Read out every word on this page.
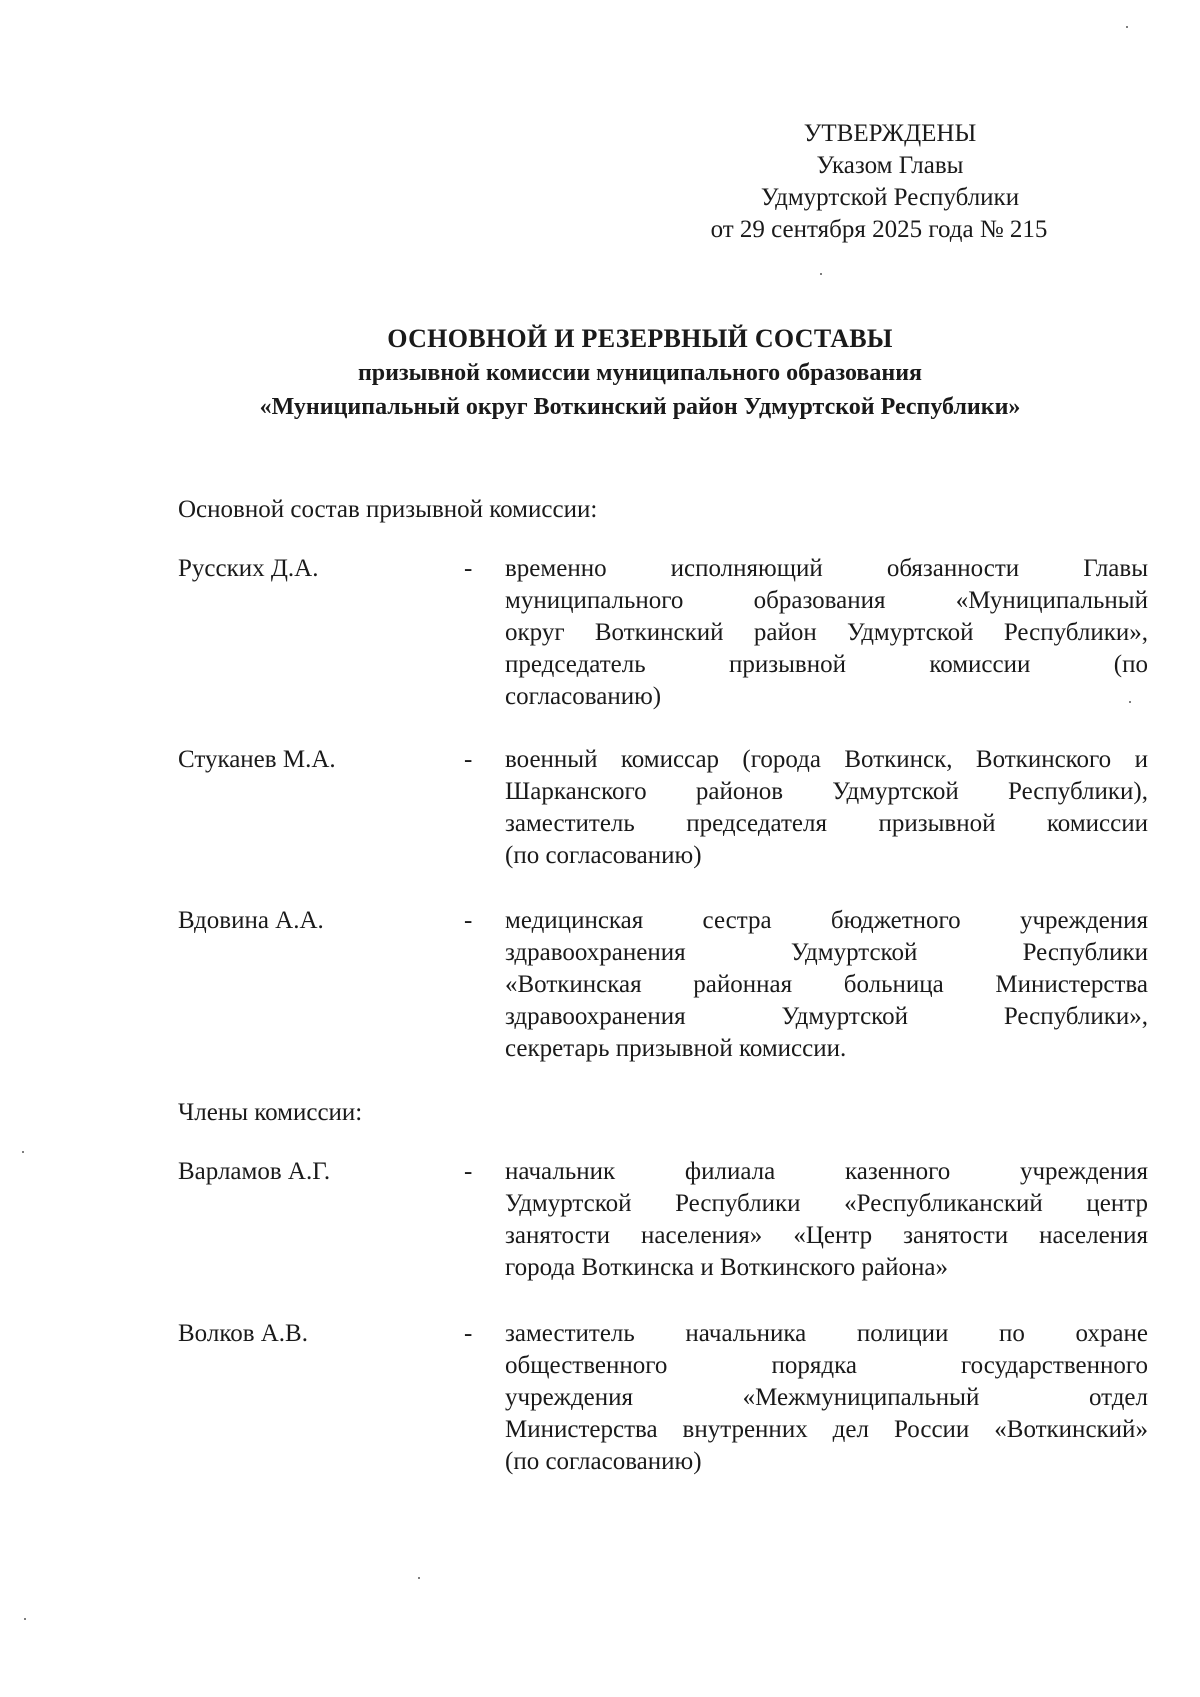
УТВЕРЖДЕНЫ
Указом Главы
Удмуртской Республики
от 29 сентября 2025 года № 215
ОСНОВНОЙ И РЕЗЕРВНЫЙ СОСТАВЫ
призывной комиссии муниципального образования
«Муниципальный округ Воткинский район Удмуртской Республики»
Основной состав призывной комиссии:
Русских Д.А.	- временно	исполняющий	обязанности	Главы
муниципального	образования	«Муниципальный
округ Воткинский район Удмуртской Республики»,
председатель	призывной	комиссии	(по
согласованию)
Стуканев М.А.	- военный комиссар (города Воткинск, Воткинского и
Шарканского районов Удмуртской Республики),
заместитель председателя призывной комиссии
(по согласованию)
Вдовина А.А.	- медицинская сестра бюджетного учреждения
здравоохранения	Удмуртской	Республики
«Воткинская районная больница Министерства
здравоохранения	Удмуртской	Республики»,
секретарь призывной комиссии.
Члены комиссии:
Варламов А.Г.	- начальник	филиала	казенного	учреждения
Удмуртской Республики «Республиканский центр
занятости населения» «Центр занятости населения
города Воткинска и Воткинского района»
Волков А.В.	- заместитель начальника полиции по охране
общественного	порядка	государственного
учреждения	«Межмуниципальный	отдел
Министерства внутренних дел России «Воткинский»
(по согласованию)
